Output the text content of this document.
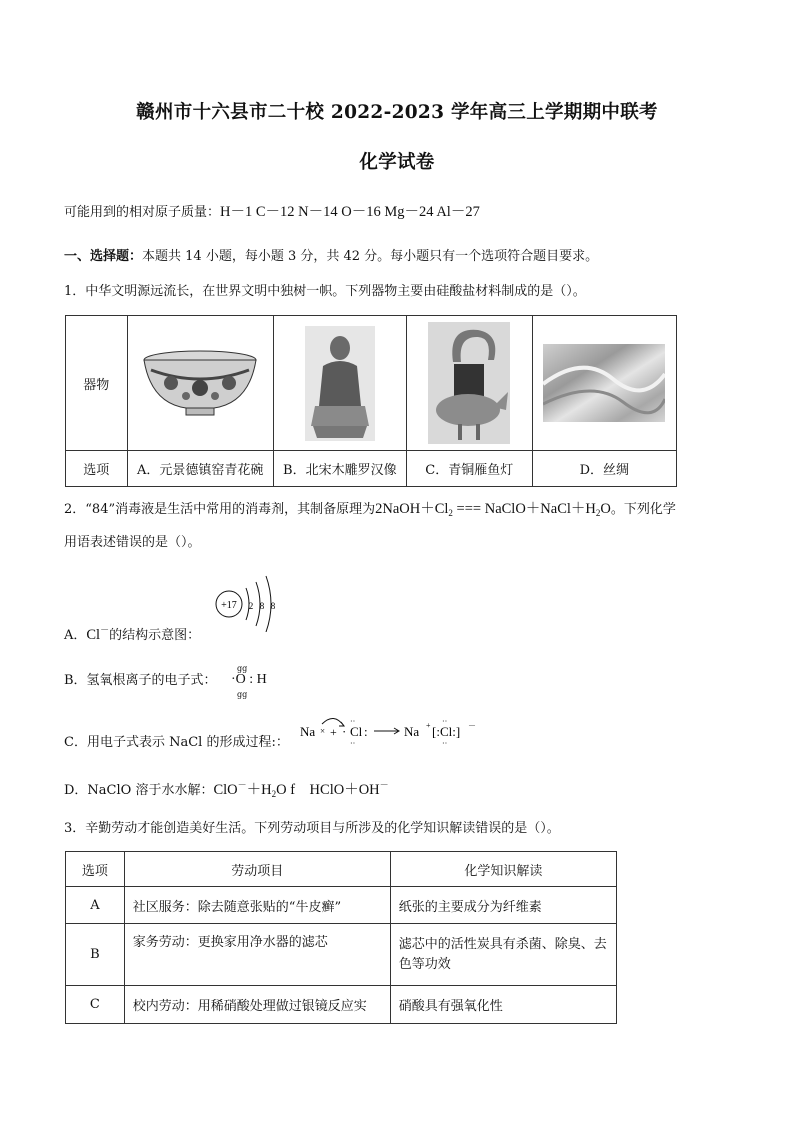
赣州市十六县市二十校 2022-2023 学年高三上学期期中联考
化学试卷
可能用到的相对原子质量：H－1 C－12 N－14 O－16 Mg－24 Al－27
一、选择题：本题共 14 小题，每小题 3 分，共 42 分。每小题只有一个选项符合题目要求。
1．中华文明源远流长，在世界文明中独树一帜。下列器物主要由硅酸盐材料制成的是（）。
器物	

选项	A．元景德镇窑青花碗	B．北宋木雕罗汉像	C．青铜雁鱼灯	D．丝绸
2．“84”消毒液是生活中常用的消毒剂，其制备原理为$2NaOH+Cl_2$ === $NaClO+NaCl+H_2O$。下列化学
用语表述错误的是（）。
+17 2 8 8
A．Cl－的结构示意图：
B．氢氧根离子的电子式：
gg
·O : H
gg
C．用电子式表示 NaCl 的形成过程:：
Na × + · Cl :
··
··
Na + [:Cl:]
··
··
－
D．NaClO 溶于水水解：$ClO^-+H_2O$ f　HClO＋OH－
3．辛勤劳动才能创造美好生活。下列劳动项目与所涉及的化学知识解读错误的是（）。
选项	劳动项目	化学知识解读
A	社区服务：除去随意张贴的“牛皮癣”	纸张的主要成分为纤维素
B	家务劳动：更换家用净水器的滤芯	滤芯中的活性炭具有杀菌、除臭、去色等功效
C	校内劳动：用稀硝酸处理做过银镜反应实	硝酸具有强氧化性
